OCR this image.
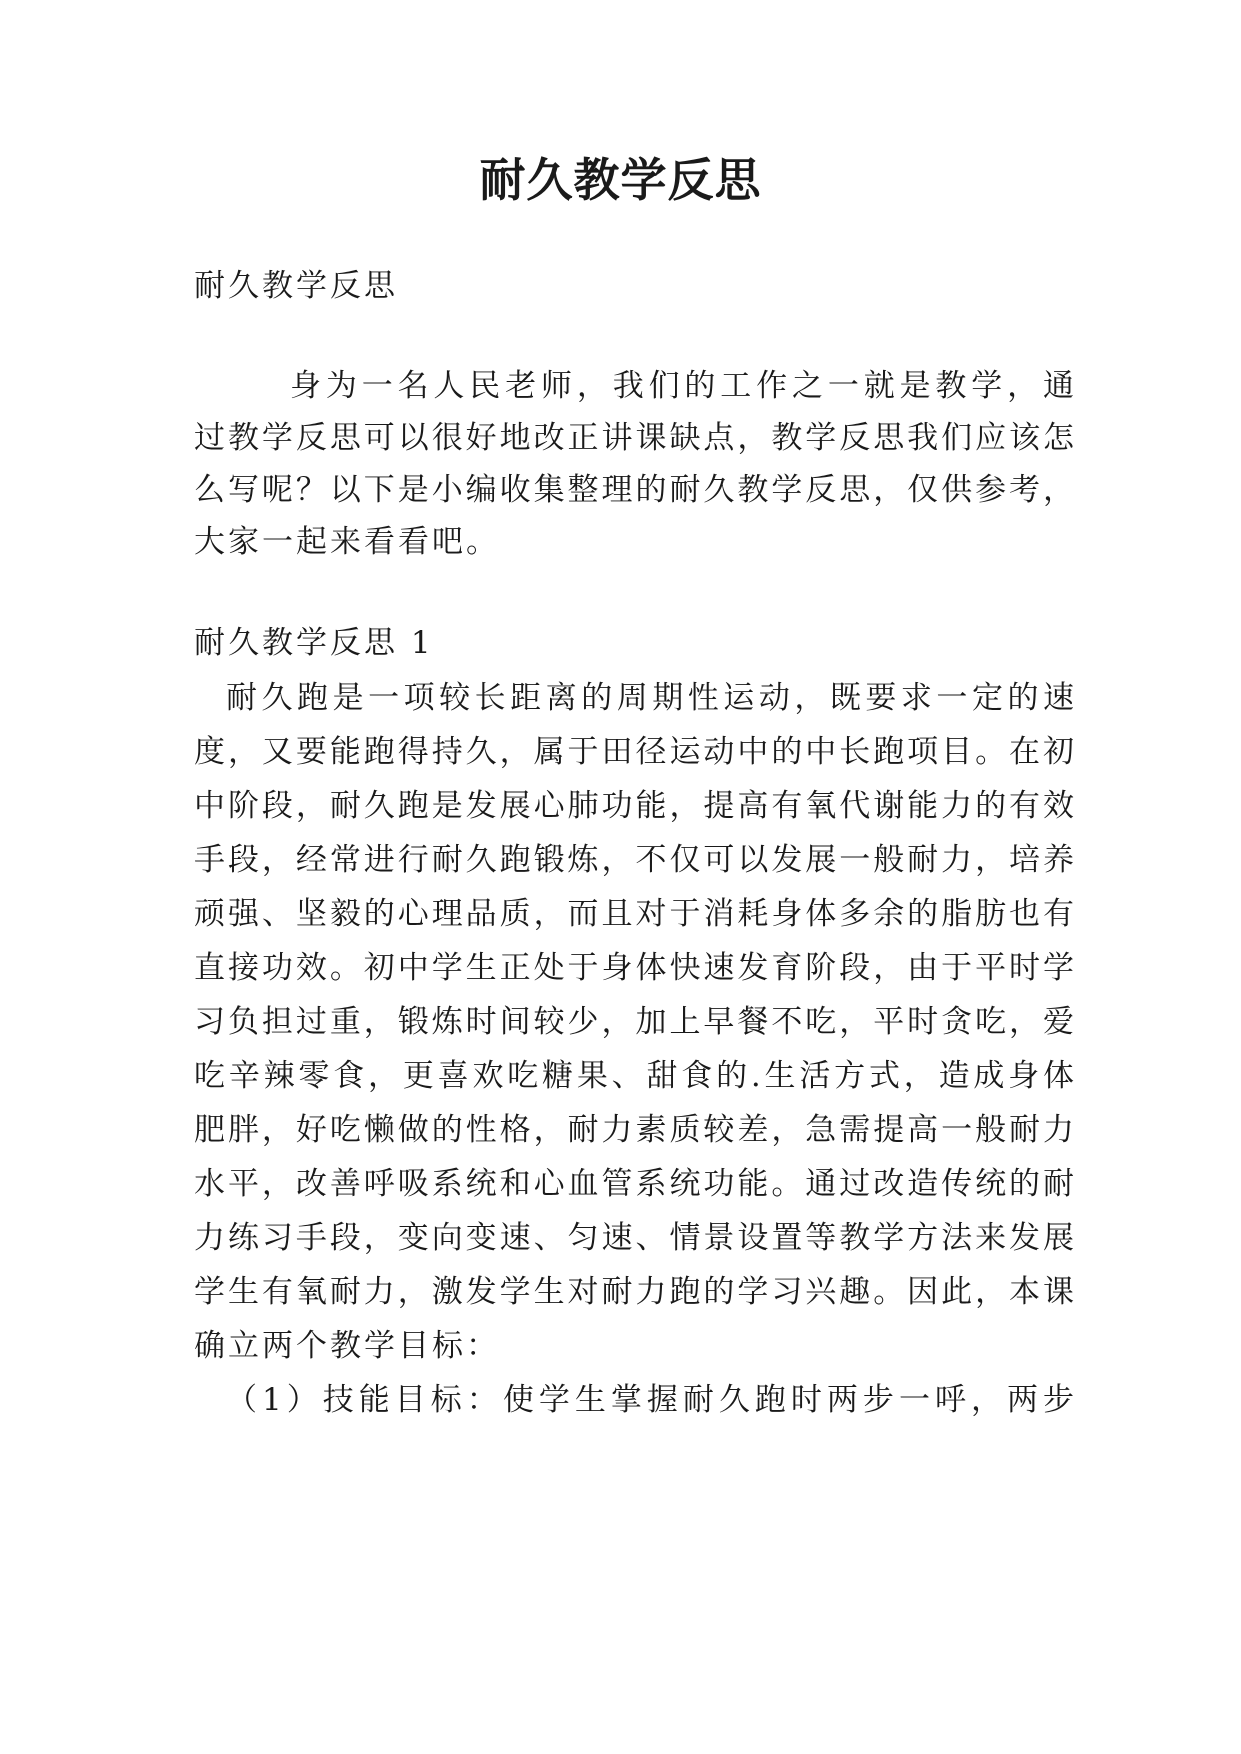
耐久教学反思
耐久教学反思
身为一名人民老师，我们的工作之一就是教学，通
过教学反思可以很好地改正讲课缺点，教学反思我们应该怎
么写呢？以下是小编收集整理的耐久教学反思，仅供参考，
大家一起来看看吧。
耐久教学反思 1
耐久跑是一项较长距离的周期性运动，既要求一定的速
度，又要能跑得持久，属于田径运动中的中长跑项目。在初
中阶段，耐久跑是发展心肺功能，提高有氧代谢能力的有效
手段，经常进行耐久跑锻炼，不仅可以发展一般耐力，培养
顽强、坚毅的心理品质，而且对于消耗身体多余的脂肪也有
直接功效。初中学生正处于身体快速发育阶段，由于平时学
习负担过重，锻炼时间较少，加上早餐不吃，平时贪吃，爱
吃辛辣零食，更喜欢吃糖果、甜食的.生活方式，造成身体
肥胖，好吃懒做的性格，耐力素质较差，急需提高一般耐力
水平，改善呼吸系统和心血管系统功能。通过改造传统的耐
力练习手段，变向变速、匀速、情景设置等教学方法来发展
学生有氧耐力，激发学生对耐力跑的学习兴趣。因此，本课
确立两个教学目标：
（1）技能目标：使学生掌握耐久跑时两步一呼，两步
